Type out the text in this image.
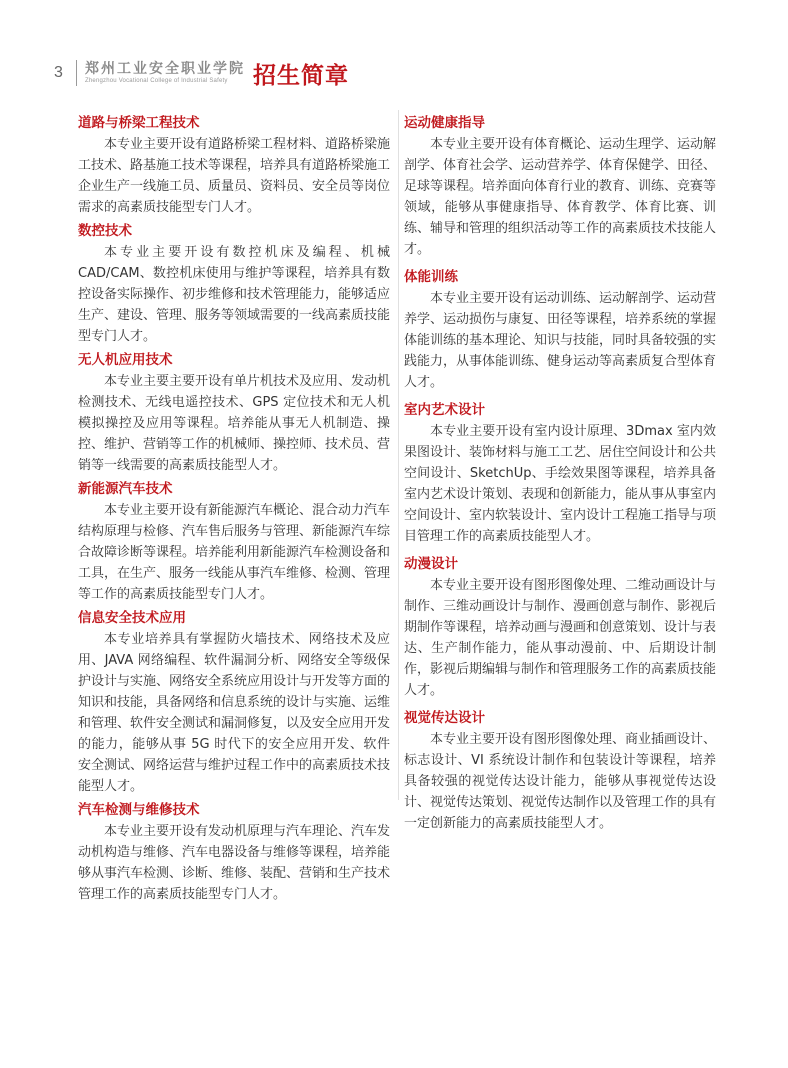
3	郑州工业安全职业学院
Zhengzhou Vocational College of Industrial Safety	招生简章

道路与桥梁工程技术

本专业主要开设有道路桥梁工程材料、道路桥梁施工技术、路基施工技术等课程，培养具有道路桥梁施工企业生产一线施工员、质量员、资料员、安全员等岗位需求的高素质技能型专门人才。

数控技术

本专业主要开设有数控机床及编程、机械 CAD/CAM、数控机床使用与维护等课程，培养具有数控设备实际操作、初步维修和技术管理能力，能够适应生产、建设、管理、服务等领域需要的一线高素质技能型专门人才。

无人机应用技术

本专业主要主要开设有单片机技术及应用、发动机检测技术、无线电遥控技术、GPS 定位技术和无人机模拟操控及应用等课程。培养能从事无人机制造、操控、维护、营销等工作的机械师、操控师、技术员、营销等一线需要的高素质技能型人才。

新能源汽车技术

本专业主要开设有新能源汽车概论、混合动力汽车结构原理与检修、汽车售后服务与管理、新能源汽车综合故障诊断等课程。培养能利用新能源汽车检测设备和工具，在生产、服务一线能从事汽车维修、检测、管理等工作的高素质技能型专门人才。

信息安全技术应用

本专业培养具有掌握防火墙技术、网络技术及应用、JAVA 网络编程、软件漏洞分析、网络安全等级保护设计与实施、网络安全系统应用设计与开发等方面的知识和技能，具备网络和信息系统的设计与实施、运维和管理、软件安全测试和漏洞修复，以及安全应用开发的能力，能够从事 5G 时代下的安全应用开发、软件安全测试、网络运营与维护过程工作中的高素质技术技能型人才。

汽车检测与维修技术

本专业主要开设有发动机原理与汽车理论、汽车发动机构造与维修、汽车电器设备与维修等课程，培养能够从事汽车检测、诊断、维修、装配、营销和生产技术管理工作的高素质技能型专门人才。

运动健康指导

本专业主要开设有体育概论、运动生理学、运动解剖学、体育社会学、运动营养学、体育保健学、田径、足球等课程。培养面向体育行业的教育、训练、竞赛等领域，能够从事健康指导、体育教学、体育比赛、训练、辅导和管理的组织活动等工作的高素质技术技能人才。

体能训练

本专业主要开设有运动训练、运动解剖学、运动营养学、运动损伤与康复、田径等课程，培养系统的掌握体能训练的基本理论、知识与技能，同时具备较强的实践能力，从事体能训练、健身运动等高素质复合型体育人才。

室内艺术设计

本专业主要开设有室内设计原理、3Dmax 室内效果图设计、装饰材料与施工工艺、居住空间设计和公共空间设计、SketchUp、手绘效果图等课程，培养具备室内艺术设计策划、表现和创新能力，能从事从事室内空间设计、室内软装设计、室内设计工程施工指导与项目管理工作的高素质技能型人才。

动漫设计

本专业主要开设有图形图像处理、二维动画设计与制作、三维动画设计与制作、漫画创意与制作、影视后期制作等课程，培养动画与漫画和创意策划、设计与表达、生产制作能力，能从事动漫前、中、后期设计制作，影视后期编辑与制作和管理服务工作的高素质技能人才。

视觉传达设计

本专业主要开设有图形图像处理、商业插画设计、标志设计、VI 系统设计制作和包装设计等课程，培养具备较强的视觉传达设计能力，能够从事视觉传达设计、视觉传达策划、视觉传达制作以及管理工作的具有一定创新能力的高素质技能型人才。
